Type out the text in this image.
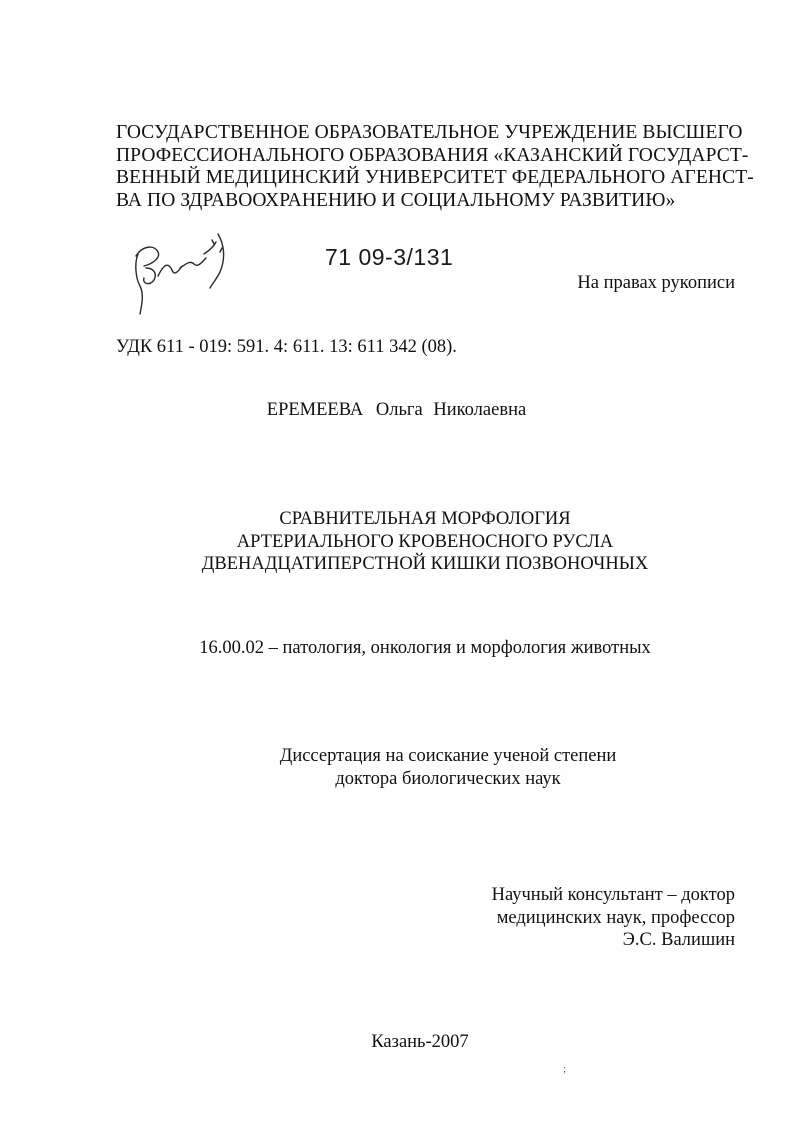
ГОСУДАРСТВЕННОЕ ОБРАЗОВАТЕЛЬНОЕ УЧРЕЖДЕНИЕ ВЫСШЕГО
ПРОФЕССИОНАЛЬНОГО ОБРАЗОВАНИЯ «КАЗАНСКИЙ ГОСУДАРСТ-
ВЕННЫЙ МЕДИЦИНСКИЙ УНИВЕРСИТЕТ ФЕДЕРАЛЬНОГО АГЕНСТ-
ВА ПО ЗДРАВООХРАНЕНИЮ И СОЦИАЛЬНОМУ РАЗВИТИЮ»
71 09-3/131
На правах рукописи
УДК 611 - 019: 591. 4: 611. 13: 611 342 (08).
ЕРЕМЕЕВА Ольга Николаевна
СРАВНИТЕЛЬНАЯ МОРФОЛОГИЯ
АРТЕРИАЛЬНОГО КРОВЕНОСНОГО РУСЛА
ДВЕНАДЦАТИПЕРСТНОЙ КИШКИ ПОЗВОНОЧНЫХ
16.00.02 – патология, онкология и морфология животных
Диссертация на соискание ученой степени
доктора биологических наук
Научный консультант – доктор
медицинских наук, профессор
Э.С. Валишин
Казань-2007
;
